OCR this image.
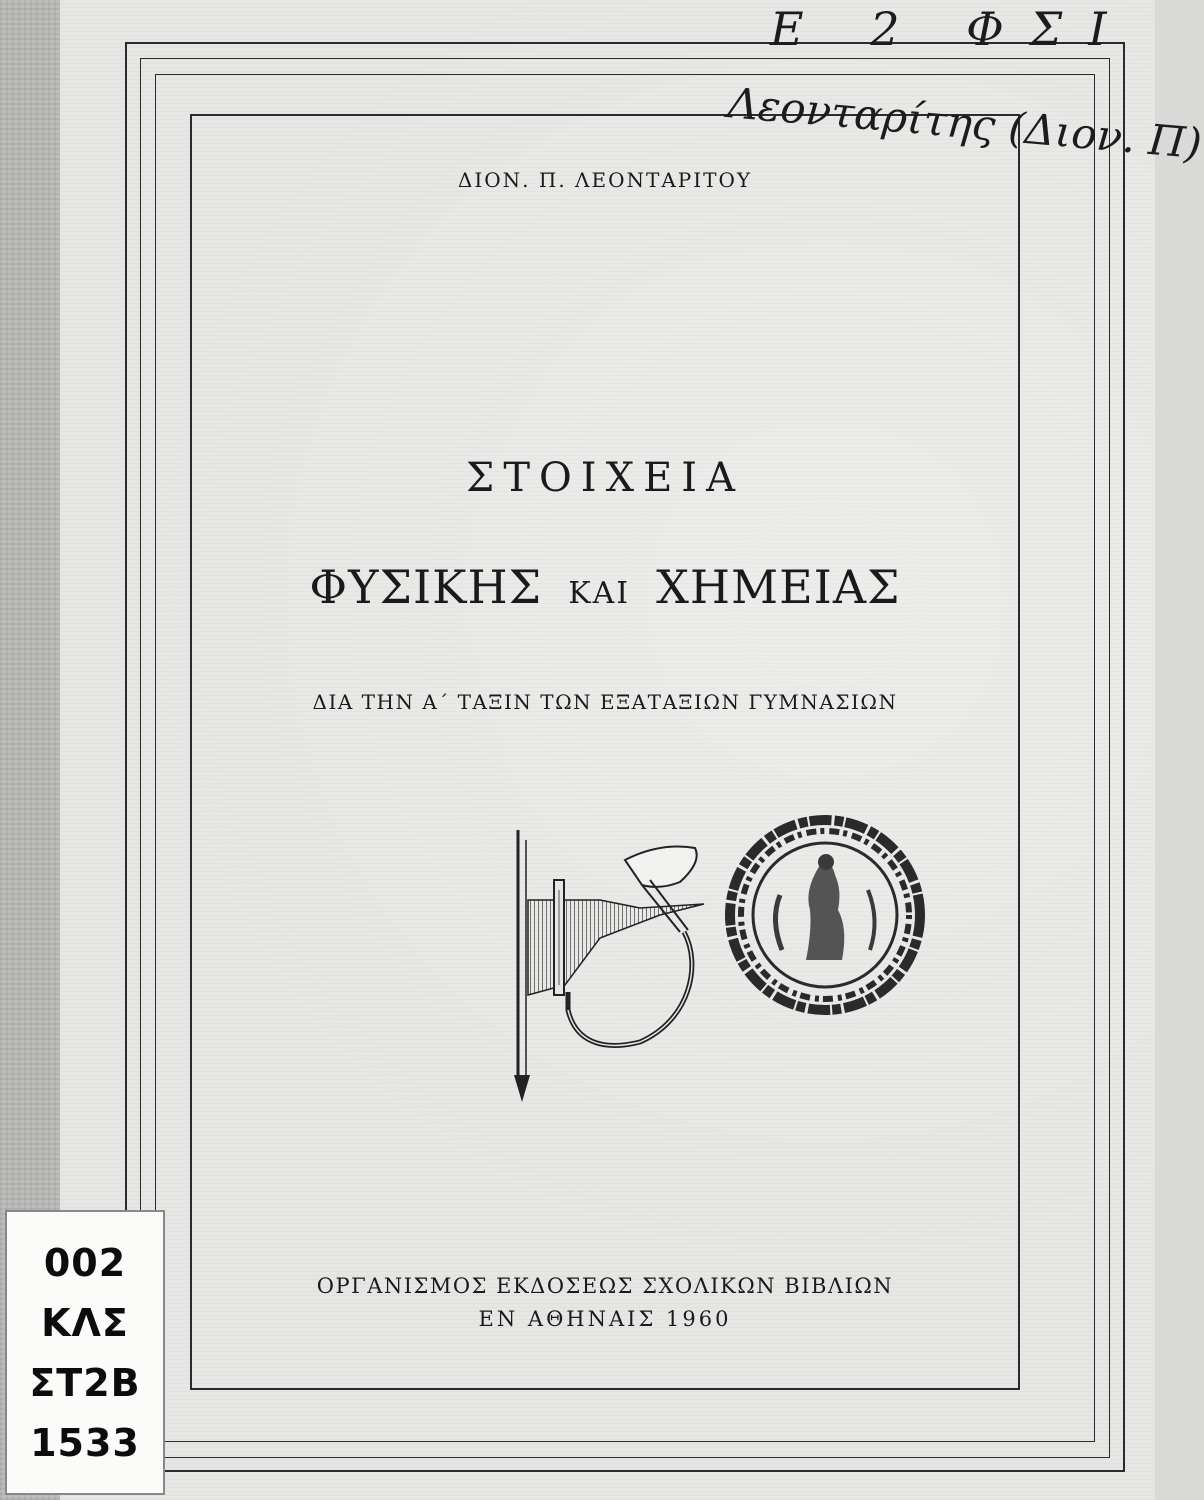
Ε 2 ΦΣΙ
Λεονταρίτης (Διον. Π)
ΔΙΟΝ. Π. ΛΕΟΝΤΑΡΙΤΟΥ
ΣΤΟΙΧΕΙΑ
ΦΥΣΙΚΗΣ ΚΑΙ ΧΗΜΕΙΑΣ
ΔΙΑ ΤΗΝ Α΄ ΤΑΞΙΝ ΤΩΝ ΕΞΑΤΑΞΙΩΝ ΓΥΜΝΑΣΙΩΝ
ΟΡΓΑΝΙΣΜΟΣ ΕΚΔΟΣΕΩΣ ΣΧΟΛΙΚΩΝ ΒΙΒΛΙΩΝ
ΕΝ ΑΘΗΝΑΙΣ 1960
002
ΚΛΣ
ΣΤ2Β
1533
